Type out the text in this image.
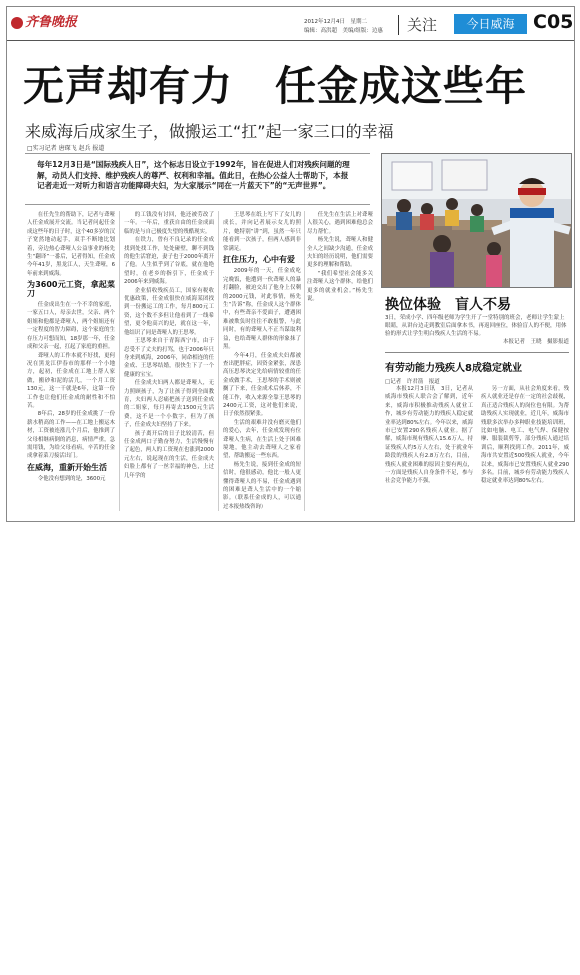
齐鲁晚报	2012年12月4日　星期二
编辑：高洪超　美编/组版：边惠 关注	今日威海 C05
无声却有力　任金成这些年
来威海后成家生子，做搬运工“扛”起一家三口的幸福
□实习记者 唐琛飞 赵兵 报道

每年12月3日是“国际残疾人日”，这个标志日设立于1992年，旨在促进人们对残疾问题的理解，动员人们支持、维护残疾人的尊严、权利和幸福。值此日，在热心公益人士帮助下，本报记者走近一对听力和语言功能障碍夫妇，为大家展示“同在一片蓝天下”的“无声世界”。

在任先生的帮助下，记者与聋哑人任金成展开交流。当记者问起任金成这些年的日子时，这个40多岁的汉子宽然地动起手，双手不断地比划着，旁边热心聋哑人公益事业的杨先生“翻译”一番后，记者得知，任金成今年41岁，黑龙江人，天生聋哑，6年前来到威海。

为3600元工资，拿起菜刀

任金成出生在一个不幸的家庭，一家五口人，母亲去世，父亲、两个姐姐和他都是聋哑人，两个姐姐还有一定程度的智力障碍，这个家庭的生存压力可想而知，18岁那一年，任金成和父亲一起，扛起了家庭的重担。

聋哑人的工作本就不好找，更何况在黑龙江伊春市的那样一个小地方，起初，任金成在工地上帮人家做，搬砂和泥的活儿，一个月工资130元，这一干就是6年，这第一份工作也让他们任金成的耐性和不怕苦。

8年后，28岁的任金成挑了一份薪水稍高的工作——在工地上搬运木材，工资被连涨几个月后，他推到了父母相继病倒的消息，病情严重，急需用钱，为给父母看病，辛苦的任金成拿着菜刀接活出门。

在威海，重新开始生活

令他没有想到的是，3600元

的工钱没有讨回，他还被劳改了一年。一年后，重获自由的任金成面临的是与自己极度失望的残酷现实。

在铁力，曾有不良记录的任金成找到处找工作，处处碰壁，聊不到钱的他生活窘迫，妻子也于2000年离开了他。人生似乎到了谷底，就在他绝望时，在老乡的指引下，任金成于2006年来到威海。

企业招收残疾员工，国家有税收优惠政策，任金成很快在威海某团找到一份搬运工的工作，每月800元工资，这个数不多但让他看到了一线希望，更令他高兴的是，就在这一年，他结识了同是聋哑人的王思琴。

王思琴来自于青海西宁市，由于忍受不了丈夫的打骂，也于2006年只身来到威海，2006年，同命相连的任金成、王思琴结婚，很快生下了一个健康的宝宝。

任金成夫妇两人都是聋哑人，无力照顾孩子，为了让孩子得到全面教育，夫妇两人忍痛把孩子送到任金成的二姐家，每月再寄去1500元生活费，这不是一个小数字，但为了孩子，任金成夫妇坚持了下来。

孩子离开后的日子比较清苦，但任金成两口子勤奋努力，生活慢慢有了起色，两人的工资现在也涨到2000元左右，说起现在的生活，任金成夫妇脸上都有了一丝幸福的神色，上过几年学的

王思琴在纸上写下了女儿的成长，并向记者展示女儿的照片，她特别“讲”到，虽然一年只能看到一次孩子，但两人感到非常满足。

扛住压力，心中有爱

2009年的一天，任金成吃完晚饭，他遭到一伙聋哑人的暴打翻脸，被迫交出了他身上仅剩的2000元钱，对此事情，杨先生“告诉”称，任金成人这个群体中，有些聋亲不爱面子，遭遇困难被欺负时往往不敢报警，与此同时，有的聋哑人不正当谋取利益，也给聋哑人群体的形象抹了黑。

今年4月，任金成夫妇都被查出肥胖症，因资金紧张，深患高压思琴决定先给病情较重的任金成做手术，王思琴的手术则被搁了下来，任金成术后休养，不能工作，收入来源全靠王思琴的2400元工资，这对他们来说，日子依然很紧张。

生活的艰难并没有磨灭他们的爱心，去年，任金成发现有位聋哑人生病，在生活上处于困难境地，他主动去聋哑人之家看望，帮助搬运一些东西。

杨先生说，接到任金成的短信时，他很感动，他比一般人更懂得聋哑人的不易，任金成遇到的困难是聋人生活中的一个缩影。（联系任金成的人，可以通过本报热线咨询）

任先生在生活上对聋哑人很关心，遇到困难他总会尽力帮忙。

杨先生说，聋哑人和健全人之间缺少沟通，任金成夫妇的经历说明，他们需要更多的理解和帮助。

“我们希望社会能多关注聋哑人这个群体，给他们更多的就业机会。”杨先生说。	换位体验　盲人不易
3日，荣成小学、四年级老师为学生开了一堂特别的班会，老师让学生蒙上眼睛，从讲台边走到教室后面拿本书，再返回座位，体验盲人的不便，用体验的形式让学生明白残疾人生活的不易。

本报记者　王晓　摄影报道
有劳动能力残疾人8成稳定就业
□记者　许君箭　报道

本报12月3日讯　3日，记者从威海市残疾人联合会了解到，近年来，威海市积极推动残疾人就业工作，城乡有劳动能力的残疾人稳定就业率达到80%左右。今年以来，威海市已安置290名残疾人就业。据了解，威海市现有残疾人15.6万人，持证残疾人约5万人左右，处于就业年龄段的残疾人有2.8万左右，目前，残疾人就业困难的原因主要有两点，一方面是残疾人自身条件不足，参与社会竞争能力不强，

另一方面，从社会角度来看，残疾人就业还是存在一定的社会歧视，真正适合残疾人的岗位也有限。为帮助残疾人实现就业，近几年，威海市残联多次举办多种职业技能培训班，比如电脑、电工、电气焊、保健按摩、服装裁剪等，部分残疾人通过培训后，顺利找到工作。2011年，威海市共安置近500残疾人就业，今年以来，威海市已安置残疾人就业290多名。目前，城乡有劳动能力残疾人稳定就业率达到80%左右。
